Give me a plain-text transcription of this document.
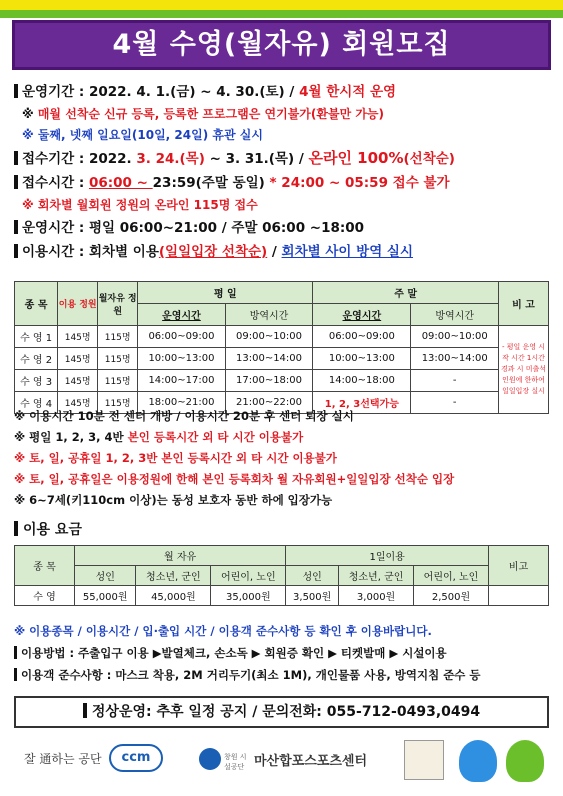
4월 수영(월자유) 회원모집
운영기간 : 2022. 4. 1.(금) ~ 4. 30.(토) / 4월 한시적 운영
※ 매월 선착순 신규 등록, 등록한 프로그램은 연기불가(환불만 가능)
※ 둘째, 넷째 일요일(10일, 24일) 휴관 실시
접수기간 : 2022. 3. 24.(목) ~ 3. 31.(목) / 온라인 100%(선착순)
접수시간 : 06:00 ~ 23:59(주말 동일) * 24:00 ~ 05:59 접수 불가
※ 회차별 월회원 정원의 온라인 115명 접수
운영시간 : 평일 06:00~21:00 / 주말 06:00 ~18:00
이용시간 : 회차별 이용(일일입장 선착순) / 회차별 사이 방역 실시
종 목	이용 정원	월자유 정원	평 일		주 말		비 고
			운영시간	방역시간	운영시간	방역시간	
수 영 1	145명	115명	06:00~09:00	09:00~10:00	06:00~09:00	09:00~10:00	- 평일 운영 시작 시간 1시간 경과 시 미출석 인원에 한하여 일일입장 실시
수 영 2	145명	115명	10:00~13:00	13:00~14:00	10:00~13:00	13:00~14:00	
수 영 3	145명	115명	14:00~17:00	17:00~18:00	14:00~18:00	-	
수 영 4	145명	115명	18:00~21:00	21:00~22:00	1, 2, 3선택가능	-	
※ 이용시간 10분 전 센터 개방 / 이용시간 20분 후 센터 퇴장 실시
※ 평일 1, 2, 3, 4반 본인 등록시간 외 타 시간 이용불가
※ 토, 일, 공휴일 1, 2, 3반 본인 등록시간 외 타 시간 이용불가
※ 토, 일, 공휴일은 이용정원에 한해 본인 등록회차 월 자유회원+일일입장 선착순 입장
※ 6~7세(키110cm 이상)는 동성 보호자 동반 하에 입장가능
이용 요금
종 목	월 자유			1일이용			비고
	성인	청소년, 군인	어린이, 노인	성인	청소년, 군인	어린이, 노인	
수 영	55,000원	45,000원	35,000원	3,500원	3,000원	2,500원	
※ 이용종목 / 이용시간 / 입·출입 시간 / 이용객 준수사항 등 확인 후 이용바랍니다.
이용방법 : 주출입구 이용 ▶발열체크, 손소독 ▶ 회원증 확인 ▶ 티켓발매 ▶ 시설이용
이용객 준수사항 : 마스크 착용, 2M 거리두기(최소 1M), 개인물품 사용, 방역지침 준수 등
정상운영: 추후 일정 공지 / 문의전화: 055-712-0493,0494
잘 通하는 공단	ccm	창원 시설공단 마산합포스포츠센터
